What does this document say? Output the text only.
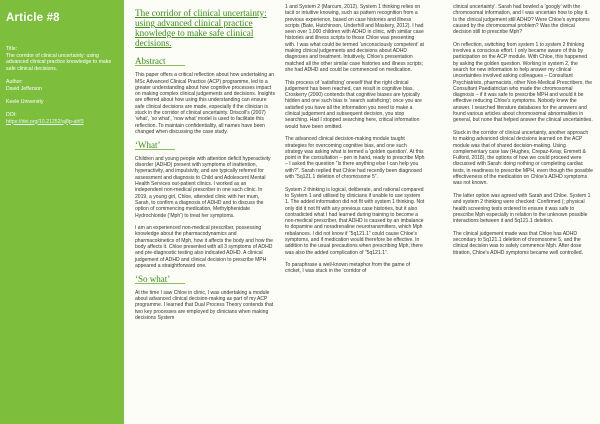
Article #8
Title:
The corridor of clinical uncertainty: using advanced clinical practice knowledge to make safe clinical decisions.
Author:
David Jefferson
Keele University
DOI:
https://doi.org/10.21252/aj8p-ahf3
The corridor of clinical uncertainty: using advanced clinical practice knowledge to make safe clinical decisions.
Abstract

This paper offers a critical reflection about how undertaking an MSc Advanced Clinical Practice (ACP) programme, led to a greater understanding about how cognitive processes impact on making complex clinical judgements and decisions. Insights are offered about how using this understanding can ensure safe clinical decisions are made, especially if the clinician is stuck in the corridor of clinical uncertainty. Driscoll's (2007) ‘what’, ‘so what’, ‘now what’ model is used to facilitate this reflection. To maintain confidentiality, all names have been changed when discussing the case study.

‘What’

Children and young people with attention deficit hyperactivity disorder (ADHD) present with symptoms of inattention, hyperactivity, and impulsivity, and are typically referred for assessment and diagnosis to Child and Adolescent Mental Health Services out-patient clinics. I worked as an independent non-medical prescriber in one such clinic. In 2019, a young girl, Chloe, attended clinic with her mum, Sarah, to confirm a diagnosis of ADHD and to discuss the option of commencing medication, Methylphenidate Hydrochloride (‘Mph’) to treat her symptoms.

I am an experienced non-medical prescriber, possessing knowledge about the pharmacodynamics and pharmacokinetics of Mph, how it affects the body and how the body affects it. Chloe presented with all 3 symptoms of ADHD and pre-diagnostic testing also indicated ADHD. A clinical judgement of ADHD and clinical decision to prescribe MPH appeared a straightforward one.

‘So what’

At the time I saw Chloe in clinic, I was undertaking a module about advanced clinical decision-making as part of my ACP programme. I learned that Dual Process Theory contends that two key processes are employed by clinicians when making decisions System

1 and System 2 (Marcum, 2012). System 1 thinking relies on tacit or intuitive knowing, such as pattern recognition from a previous experience, based on case histories and illness scripts (Bate, Hutchinson, Underhill and Maskery, 2012). I had seen over 1,000 children with ADHD in clinic, with similar case histories and illness scripts to those Chloe was presenting with. I was what could be termed ‘unconsciously competent’ at making clinical judgements and decisions about ADHD diagnoses and treatment. Intuitively, Chloe's presentation matched all the other similar case histories and illness scripts; she had ADHD and could be commenced on medication.

This process of ‘satisficing’ oneself that the right clinical judgement has been reached, can result in cognitive bias. Croskerry (2000) contends that cognitive biases are typically hidden and one such bias is ‘search satisficing’; once you are satisfied you have all the information you need to make a clinical judgement and subsequent decision, you stop searching. Had I stopped searching here, critical information would have been omitted.

The advanced clinical decision-making module taught strategies for overcoming cognitive bias, and one such strategy was asking what is termed a ‘golden question’. At this point in the consultation – pen in hand, ready to prescribe Mph – I asked the question “Is there anything else I can help you with?”. Sarah replied that Chloe had recently been diagnosed with “5q121.1 deletion of chromosome 5”.

System 2 thinking is logical, deliberate, and rational compared to System 1 and utilised by clinicians if unable to use system 1. The added information did not fit with system 1 thinking. Not only did it not fit with any previous case histories, but it also contradicted what I had learned during training to become a non-medical prescriber, that ADHD is caused by an imbalance to dopamine and noradrenaline neurotransmitters, which Mph rebalances. I did not know if “5q121.1” could cause Chloe's symptoms, and if medication would therefore be effective. In addition to the usual precautions when prescribing Mph, there was also the added complication of “5q121.1”.

To paraphrase a well-known metaphor from the game of cricket, I was stuck in the ‘corridor of

clinical uncertainty’. Sarah had bowled a ‘googly’ with the chromosomal information, and I was uncertain how to play it. Is the clinical judgement still ADHD? Were Chloe's symptoms caused by the chromosomal problem? Was the clinical decision still to prescribe Mph?

On reflection, switching from system 1 to system 2 thinking involves a conscious effort. I only became aware of this by participation on the ACP module. With Chloe, this happened by asking the golden question. Working in system 2, the search for new information to help answer my clinical uncertainties involved asking colleagues – Consultant Psychiatrists, pharmacists, other Non-Medical Prescribers, the Consultant Paediatrician who made the chromosomal diagnosis – if it was safe to prescribe MPH and would it be effective reducing Chloe's symptoms. Nobody knew the answer. I searched literature databases for the answers and found various articles about chromosomal abnormalities in general, but none that helped answer the clinical uncertainties.

Stuck in the corridor of clinical uncertainty, another approach to making advanced clinical decisions learned on the ACP module was that of shared decision-making. Using complementary case law (Hughes, Crepaz-Keay, Emmett & Fulford, 2018), the options of how we could proceed were discussed with Sarah: doing nothing or completing cardiac tests, in readiness to prescribe MPH, even though the possible effectiveness of the medication on Chloe's ADHD symptoms was not known.

The latter option was agreed with Sarah and Chloe. System 1 and system 2 thinking were checked: Confirmed (; physical health screening tests ordered to ensure it was safe to prescribe Mph especially in relation to the unknown possible interactions between it and 5q121.1 deletion.

The clinical judgement made was that Chloe has ADHD secondary to 5q121.1 deletion of chromosome 5, and the clinical decision was to safely commence Mph. After dose titration, Chloe's ADHD symptoms became well controlled.
